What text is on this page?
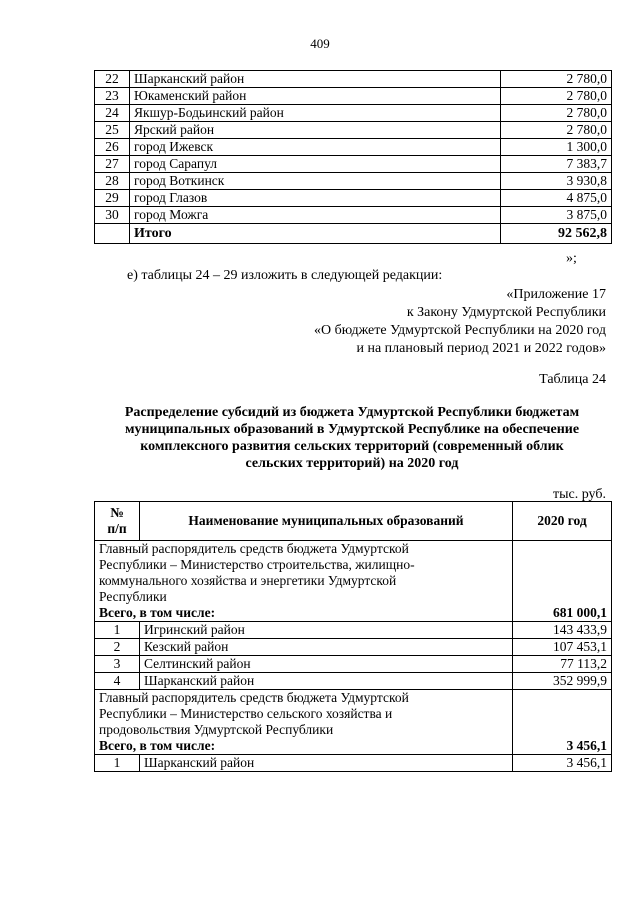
409
22	Шарканский район	2 780,0
23	Юкаменский район	2 780,0
24	Якшур-Бодьинский район	2 780,0
25	Ярский район	2 780,0
26	город Ижевск	1 300,0
27	город Сарапул	7 383,7
28	город Воткинск	3 930,8
29	город Глазов	4 875,0
30	город Можга	3 875,0
	Итого	92 562,8
»;
е) таблицы 24 – 29 изложить в следующей редакции:
«Приложение 17
к Закону Удмуртской Республики
«О бюджете Удмуртской Республики на 2020 год
и на плановый период 2021 и 2022 годов»
Таблица 24
Распределение субсидий из бюджета Удмуртской Республики бюджетам
муниципальных образований в Удмуртской Республике на обеспечение
комплексного развития сельских территорий (современный облик
сельских территорий) на 2020 год
тыс. руб.
№
п/п	Наименование муниципальных образований	2020 год

Главный распорядитель средств бюджета Удмуртской
Республики – Министерство строительства, жилищно-
коммунального хозяйства и энергетики Удмуртской
Республики
Всего, в том числе:		681 000,1
1	Игринский район	143 433,9
2	Кезский район	107 453,1
3	Селтинский район	77 113,2
4	Шарканский район	352 999,9

Главный распорядитель средств бюджета Удмуртской
Республики – Министерство сельского хозяйства и
продовольствия Удмуртской Республики
Всего, в том числе:		3 456,1
1	Шарканский район	3 456,1
